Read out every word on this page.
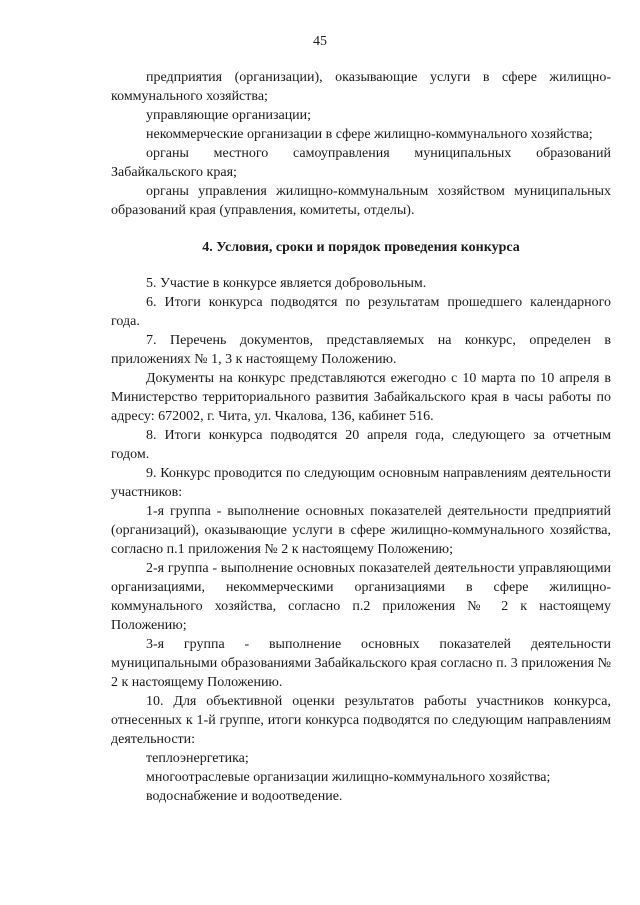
45

предприятия (организации), оказывающие услуги в сфере жилищно-коммунального хозяйства;

управляющие организации;

некоммерческие организации в сфере жилищно-коммунального хозяйства;

органы местного самоуправления муниципальных образований Забайкальского края;

органы управления жилищно-коммунальным хозяйством муниципальных образований края (управления, комитеты, отделы).

4. Условия, сроки и порядок проведения конкурса

5. Участие в конкурсе является добровольным.

6. Итоги конкурса подводятся по результатам прошедшего календарного года.

7. Перечень документов, представляемых на конкурс, определен в приложениях № 1, 3 к настоящему Положению.

Документы на конкурс представляются ежегодно с 10 марта по 10 апреля в Министерство территориального развития Забайкальского края в часы работы по адресу: 672002, г. Чита, ул. Чкалова, 136, кабинет 516.

8. Итоги конкурса подводятся 20 апреля года, следующего за отчетным годом.

9. Конкурс проводится по следующим основным направлениям деятельности участников:

1-я группа - выполнение основных показателей деятельности предприятий (организаций), оказывающие услуги в сфере жилищно-коммунального хозяйства, согласно п.1 приложения № 2 к настоящему Положению;

2-я группа - выполнение основных показателей деятельности управляющими организациями, некоммерческими организациями в сфере жилищно-коммунального хозяйства, согласно п.2 приложения № 2 к настоящему Положению;

3-я группа - выполнение основных показателей деятельности муниципальными образованиями Забайкальского края согласно п. 3 приложения № 2 к настоящему Положению.

10. Для объективной оценки результатов работы участников конкурса, отнесенных к 1-й группе, итоги конкурса подводятся по следующим направлениям деятельности:

теплоэнергетика;

многоотраслевые организации жилищно-коммунального хозяйства;

водоснабжение и водоотведение.
